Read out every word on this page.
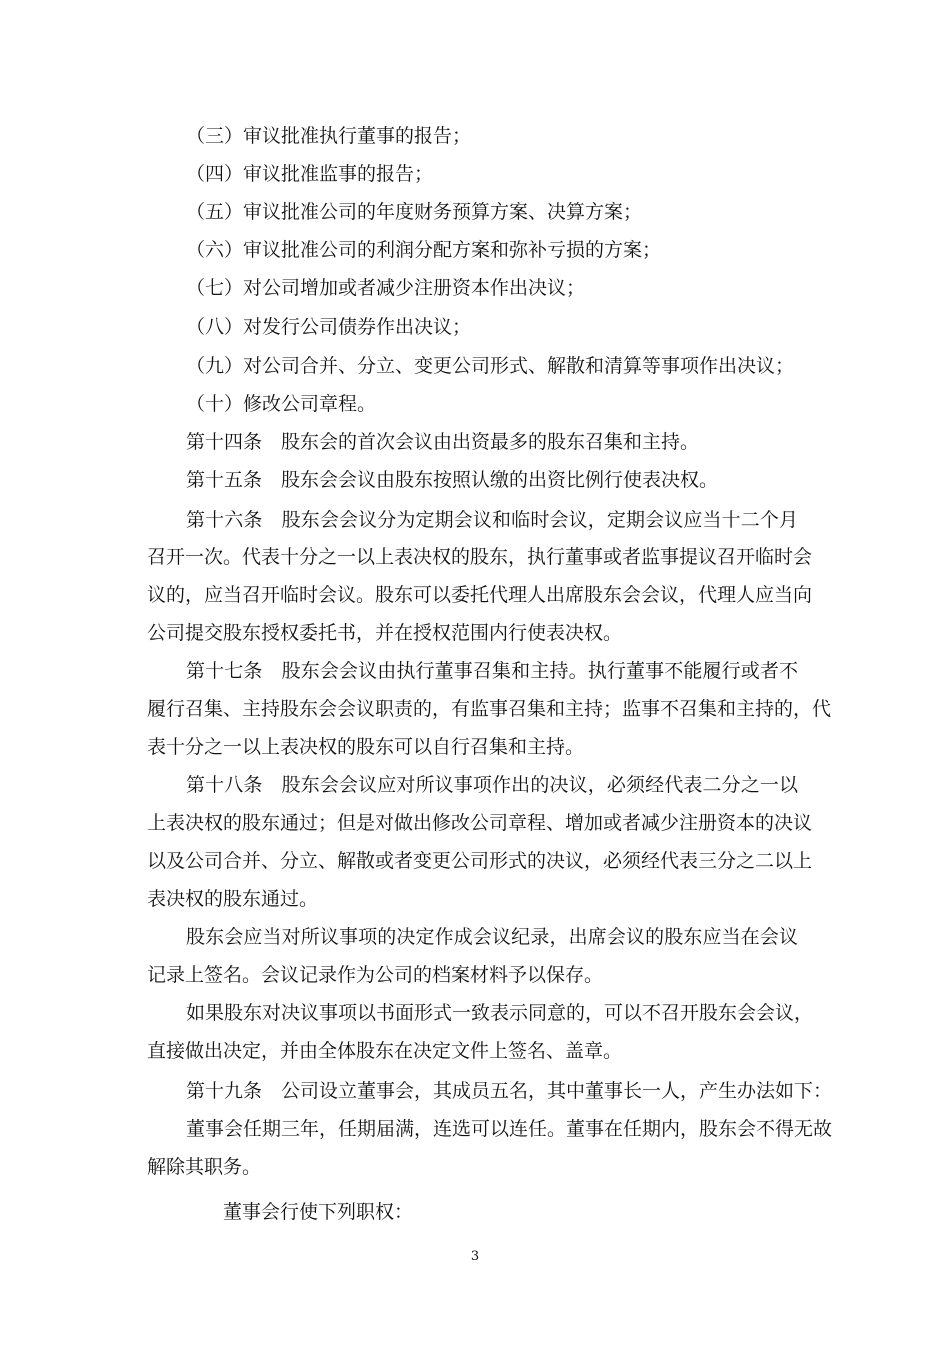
（三）审议批准执行董事的报告；
（四）审议批准监事的报告；
（五）审议批准公司的年度财务预算方案、决算方案；
（六）审议批准公司的利润分配方案和弥补亏损的方案；
（七）对公司增加或者减少注册资本作出决议；
（八）对发行公司债券作出决议；
（九）对公司合并、分立、变更公司形式、解散和清算等事项作出决议；
（十）修改公司章程。
第十四条　股东会的首次会议由出资最多的股东召集和主持。
第十五条　股东会会议由股东按照认缴的出资比例行使表决权。
第十六条　股东会会议分为定期会议和临时会议，定期会议应当十二个月
召开一次。代表十分之一以上表决权的股东，执行董事或者监事提议召开临时会
议的，应当召开临时会议。股东可以委托代理人出席股东会会议，代理人应当向
公司提交股东授权委托书，并在授权范围内行使表决权。
第十七条　股东会会议由执行董事召集和主持。执行董事不能履行或者不
履行召集、主持股东会会议职责的，有监事召集和主持；监事不召集和主持的，代
表十分之一以上表决权的股东可以自行召集和主持。
第十八条　股东会会议应对所议事项作出的决议，必须经代表二分之一以
上表决权的股东通过；但是对做出修改公司章程、增加或者减少注册资本的决议
以及公司合并、分立、解散或者变更公司形式的决议，必须经代表三分之二以上
表决权的股东通过。
股东会应当对所议事项的决定作成会议纪录，出席会议的股东应当在会议
记录上签名。会议记录作为公司的档案材料予以保存。
如果股东对决议事项以书面形式一致表示同意的，可以不召开股东会会议，
直接做出决定，并由全体股东在决定文件上签名、盖章。
第十九条　公司设立董事会，其成员五名，其中董事长一人，产生办法如下：
董事会任期三年，任期届满，连选可以连任。董事在任期内，股东会不得无故
解除其职务。
董事会行使下列职权：
3
